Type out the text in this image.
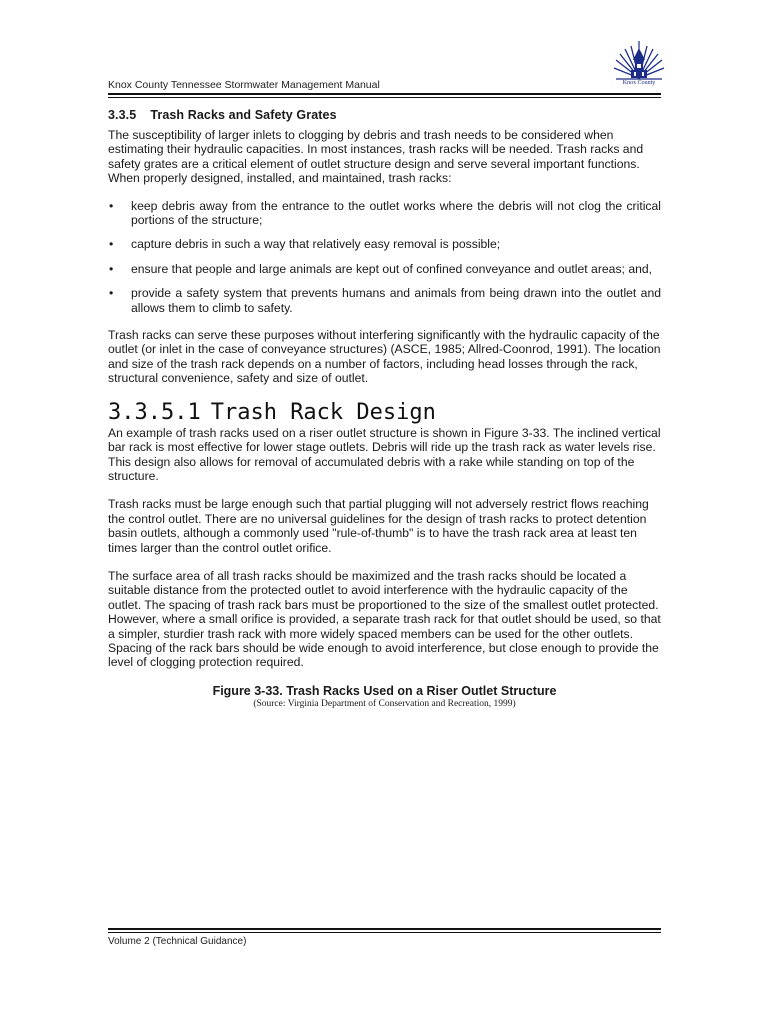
Knox County Tennessee Stormwater Management Manual	Knox County
3.3.5 Trash Racks and Safety Grates

The susceptibility of larger inlets to clogging by debris and trash needs to be considered when estimating their hydraulic capacities. In most instances, trash racks will be needed. Trash racks and safety grates are a critical element of outlet structure design and serve several important functions. When properly designed, installed, and maintained, trash racks:

• keep debris away from the entrance to the outlet works where the debris will not clog the critical portions of the structure;
• capture debris in such a way that relatively easy removal is possible;
• ensure that people and large animals are kept out of confined conveyance and outlet areas; and,
• provide a safety system that prevents humans and animals from being drawn into the outlet and allows them to climb to safety.

Trash racks can serve these purposes without interfering significantly with the hydraulic capacity of the outlet (or inlet in the case of conveyance structures) (ASCE, 1985; Allred-Coonrod, 1991). The location and size of the trash rack depends on a number of factors, including head losses through the rack, structural convenience, safety and size of outlet.

3.3.5.1 Trash Rack Design

An example of trash racks used on a riser outlet structure is shown in Figure 3-33. The inclined vertical bar rack is most effective for lower stage outlets. Debris will ride up the trash rack as water levels rise. This design also allows for removal of accumulated debris with a rake while standing on top of the structure.

Trash racks must be large enough such that partial plugging will not adversely restrict flows reaching the control outlet. There are no universal guidelines for the design of trash racks to protect detention basin outlets, although a commonly used "rule-of-thumb" is to have the trash rack area at least ten times larger than the control outlet orifice.

The surface area of all trash racks should be maximized and the trash racks should be located a suitable distance from the protected outlet to avoid interference with the hydraulic capacity of the outlet. The spacing of trash rack bars must be proportioned to the size of the smallest outlet protected. However, where a small orifice is provided, a separate trash rack for that outlet should be used, so that a simpler, sturdier trash rack with more widely spaced members can be used for the other outlets. Spacing of the rack bars should be wide enough to avoid interference, but close enough to provide the level of clogging protection required.

Figure 3-33. Trash Racks Used on a Riser Outlet Structure
(Source: Virginia Department of Conservation and Recreation, 1999)
Volume 2 (Technical Guidance)
